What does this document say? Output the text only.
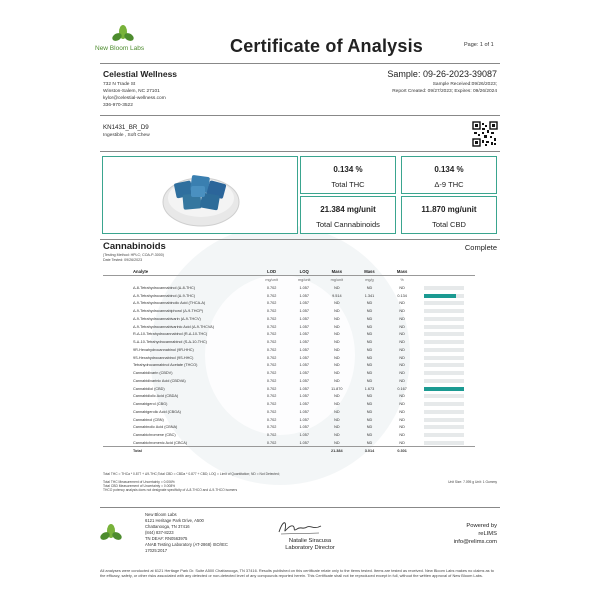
New Bloom Labs	Certificate of Analysis	Page: 1 of 1
Celestial Wellness
732 N Trade St
Winston-Salem, NC 27101
kylor@celestial-wellness.com
336-970-3522
Sample: 09-26-2023-39087
Sample Received:09/26/2023;
Report Created: 09/27/2023; Expires: 09/26/2024
KN1431_BR_D9
Ingestible , Soft Chew
0.134 %
Total THC
0.134 %
Δ-9 THC
21.384 mg/unit
Total Cannabinoids
11.870 mg/unit
Total CBD
Cannabinoids	Complete
(Testing Method: HPLC; COA-P-3000)
Date Tested: 09/26/2023
Analyte	LOD	LOQ	Mass	Mass	Mass	
	mg/unit	mg/unit	mg/unit	mg/g	%	
Δ-8-Tetrahydrocannabinol (Δ-8-THC)	0.702	1.057	ND	ND	ND	

Δ-9-Tetrahydrocannabinol (Δ-9-THC)	0.702	1.057	9.514	1.341	0.134	

Δ-9-Tetrahydrocannabinolic Acid (THCA-A)	0.702	1.057	ND	ND	ND	

Δ-9-Tetrahydrocannabiphorol (Δ-9-THCP)	0.702	1.057	ND	ND	ND	

Δ-9-Tetrahydrocannabivarin (Δ-9-THCV)	0.702	1.057	ND	ND	ND	

Δ-9-Tetrahydrocannabivarinic Acid (Δ-9-THCVA)	0.702	1.057	ND	ND	ND	

R-Δ-10-Tetrahydrocannabinol (R-Δ-10-THC)	0.702	1.057	ND	ND	ND	

S-Δ-10-Tetrahydrocannabinol (S-Δ-10-THC)	0.702	1.057	ND	ND	ND	

9R-Hexahydrocannabinol (9R-HHC)	0.702	1.057	ND	ND	ND	

9S-Hexahydrocannabinol (9S-HHC)	0.702	1.057	ND	ND	ND	

Tetrahydrocannabinol Acetate (THCO)	0.702	1.057	ND	ND	ND	

Cannabidivarin (CBDV)	0.702	1.057	ND	ND	ND	

Cannabidivarinic Acid (CBDVA)	0.702	1.057	ND	ND	ND	

Cannabidiol (CBD)	0.702	1.057	11.870	1.673	0.167	

Cannabidiolic Acid (CBDA)	0.702	1.057	ND	ND	ND	

Cannabigerol (CBG)	0.702	1.057	ND	ND	ND	

Cannabigerolic Acid (CBGA)	0.702	1.057	ND	ND	ND	

Cannabinol (CBN)	0.702	1.057	ND	ND	ND	

Cannabinolic Acid (CBNA)	0.702	1.057	ND	ND	ND	

Cannabichromene (CBC)	0.702	1.057	ND	ND	ND	

Cannabichromenic Acid (CBCA)	0.702	1.057	ND	ND	ND	

Total			21.384	3.014	0.301	
Total THC = THCa * 0.877 + Δ9-THC;Total CBD = CBDa * 0.877 + CBD; LOQ = Limit of Quantitation; ND = Not Detected;
Total THC Measurement of Uncertainty = 0.006%
Total CBD Measurement of Uncertainty = 0.008%
THCO potency analysis does not designate specificity of Δ-8-THCO and Δ-9-THCO isomers
Unit Size: 7.095 g Unit: 1 Gummy
New Bloom Labs
6121 Heritage Park Drive, A500
Chattanooga, TN 37416
(844) 837-8223
TN DEA#: RN0563975
ANAB Testing Laboratory (AT-2868) ISO/IEC
17025:2017
Natalie Siracusa
Laboratory Director
Powered by
reLIMS
info@relims.com
All analyses were conducted at 6121 Heritage Park Dr. Suite A500 Chattanooga, TN 37416. Results published on this certificate relate only to the items tested. Items are tested as received. New Bloom Labs makes no claims as to the efficacy, safety, or other risks associated with any detected or non-detected level of any compounds reported herein. This Certificate shall not be reproduced except in full, without the written approval of New Bloom Labs.
